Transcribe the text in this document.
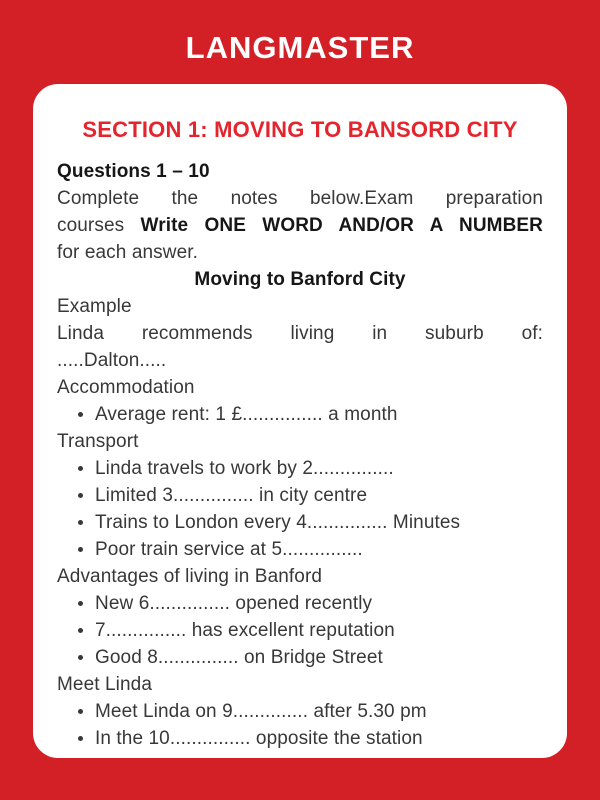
LANGMASTER
SECTION 1: MOVING TO BANSORD CITY
Questions 1 – 10
Complete the notes below.Exam preparation
courses Write ONE WORD AND/OR A NUMBER
for each answer.
Moving to Banford City
Example
Linda recommends living in suburb of:
.....Dalton.....
Accommodation
Average rent: 1 £............... a month
Transport
Linda travels to work by 2...............
Limited 3............... in city centre
Trains to London every 4............... Minutes
Poor train service at 5...............
Advantages of living in Banford
New 6............... opened recently
7............... has excellent reputation
Good 8............... on Bridge Street
Meet Linda
Meet Linda on 9.............. after 5.30 pm
In the 10............... opposite the station
